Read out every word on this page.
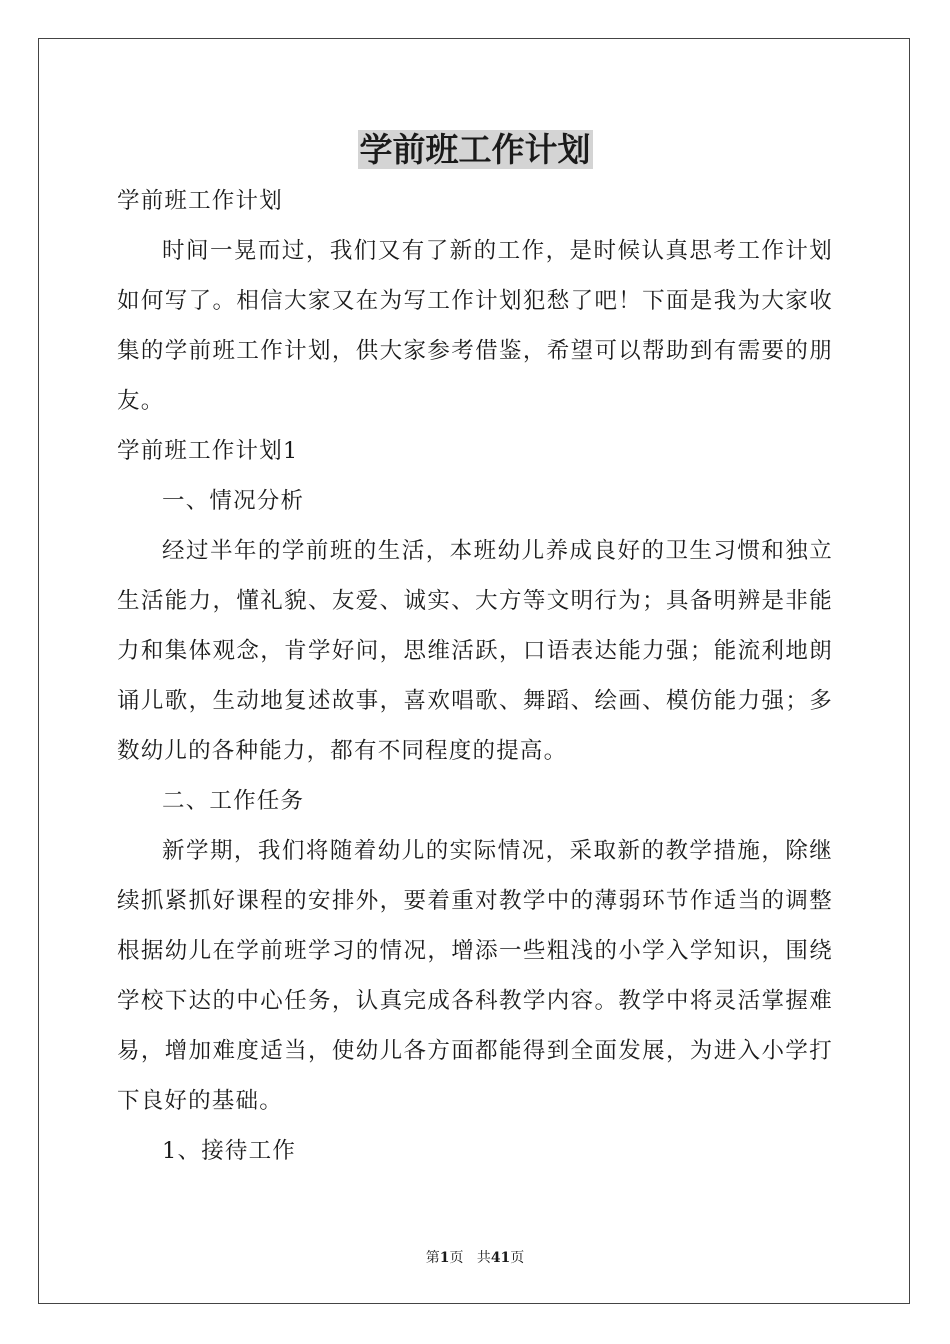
学前班工作计划

学前班工作计划

时间一晃而过，我们又有了新的工作，是时候认真思考工作计划如何写了。相信大家又在为写工作计划犯愁了吧！下面是我为大家收集的学前班工作计划，供大家参考借鉴，希望可以帮助到有需要的朋友。

学前班工作计划1

一、情况分析

经过半年的学前班的生活，本班幼儿养成良好的卫生习惯和独立生活能力，懂礼貌、友爱、诚实、大方等文明行为；具备明辨是非能力和集体观念，肯学好问，思维活跃，口语表达能力强；能流利地朗诵儿歌，生动地复述故事，喜欢唱歌、舞蹈、绘画、模仿能力强；多数幼儿的各种能力，都有不同程度的提高。

二、工作任务

新学期，我们将随着幼儿的实际情况，采取新的教学措施，除继续抓紧抓好课程的安排外，要着重对教学中的薄弱环节作适当的调整根据幼儿在学前班学习的情况，增添一些粗浅的小学入学知识，围绕学校下达的中心任务，认真完成各科教学内容。教学中将灵活掌握难易，增加难度适当，使幼儿各方面都能得到全面发展，为进入小学打下良好的基础。

1、接待工作

第1页 共41页
